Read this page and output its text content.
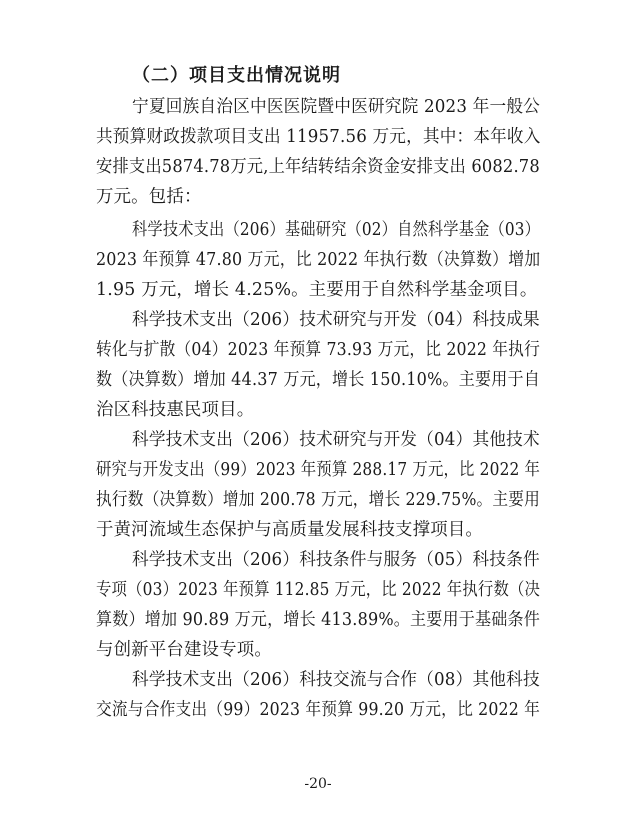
（二）项目支出情况说明
宁夏回族自治区中医医院暨中医研究院 2023 年一般公
共预算财政拨款项目支出 11957.56 万元，其中：本年收入
安排支出5874.78万元,上年结转结余资金安排支出 6082.78
万元。包括：
科学技术支出（206）基础研究（02）自然科学基金（03）
2023 年预算 47.80 万元，比 2022 年执行数（决算数）增加
1.95 万元，增长 4.25%。主要用于自然科学基金项目。
科学技术支出（206）技术研究与开发（04）科技成果
转化与扩散（04）2023 年预算 73.93 万元，比 2022 年执行
数（决算数）增加 44.37 万元，增长 150.10%。主要用于自
治区科技惠民项目。
科学技术支出（206）技术研究与开发（04）其他技术
研究与开发支出（99）2023 年预算 288.17 万元，比 2022 年
执行数（决算数）增加 200.78 万元，增长 229.75%。主要用
于黄河流域生态保护与高质量发展科技支撑项目。
科学技术支出（206）科技条件与服务（05）科技条件
专项（03）2023 年预算 112.85 万元，比 2022 年执行数（决
算数）增加 90.89 万元，增长 413.89%。主要用于基础条件
与创新平台建设专项。
科学技术支出（206）科技交流与合作（08）其他科技
交流与合作支出（99）2023 年预算 99.20 万元，比 2022 年
-20-
